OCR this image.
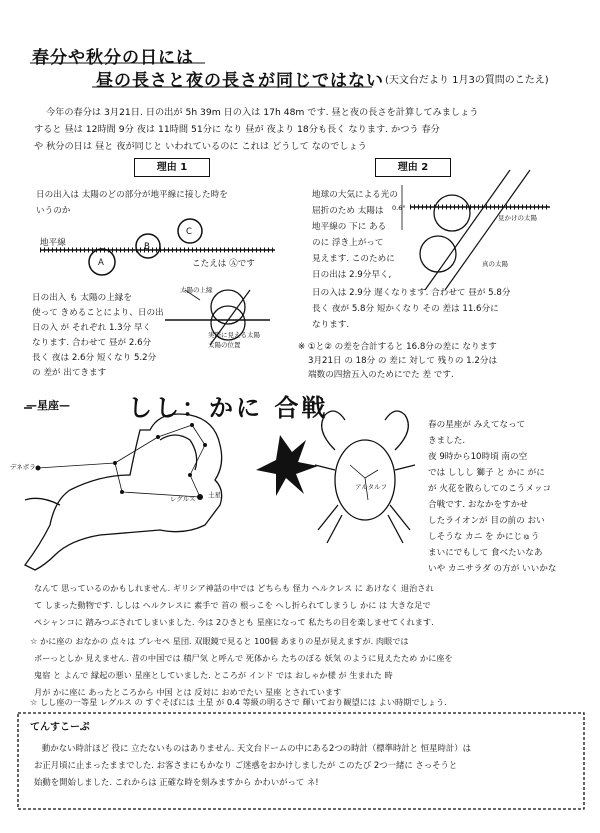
春分や秋分の日には
昼の長さと夜の長さが同じではない (天文台だより 1月3の質問のこたえ)
今年の春分は 3月21日. 日の出が 5h 39m 日の入は 17h 48m です. 昼と夜の長さを計算してみましょう
すると 昼は 12時間 9分 夜は 11時間 51分に なり 昼が 夜より 18分も長く なります. かつう 春分
や 秋分の日は 昼と 夜が同じと いわれているのに これは どうして なのでしょう
理由 1
日の出入は 太陽のどの部分が地平線に接した時を
いうのか
地平線
A
B
C
こたえは Ⓐです
日の出入 も 太陽の上縁を
使って きめることにより、日の出
日の入 が それぞれ 1.3分 早く
なります. 合わせて 昼が 2.6分
長く 夜は 2.6分 短くなり 5.2分
の 差が 出てきます
太陽の上縁
実際に見える太陽
太陽の位置
理由 2
地球の大気による光の
屈折のため 太陽は
地平線の 下に ある
のに 浮き上がって
見えます. このために
日の出は 2.9分早く,
日の入は 2.9分 遅くなります. 合わせて 昼が 5.8分
長く 夜が 5.8分 短かくなり その 差は 11.6分に
なります.
見かけの太陽
真の太陽
0.6°
※ ①と② の差を合計すると 16.8分の差に なります
3月21日 の 18分 の 差に 対して 残りの 1.2分は
端数の四捨五入のためにでた 差 です.
—星座— しし：かに 合戦
デネボラ
レグルス 土星
アルタルフ
春の星座が みえてなって
きました.
夜 9時から10時頃 南の空
では ししし 獅子 と かに がに
が 火花を散らしてのこうメッコ
合戦です. おなかをすかせ
したライオンが 目の前の おい
しそうな カニ を かにじゅう
まいにでもして 食べたいなあ
いや カニサラダ の方が いいかな
なんて 思っているのかもしれません. ギリシア神話の中では どちらも 怪力 ヘルクレス に あけなく 退治され
て しまった動物です. ししは ヘルクレスに 素手で 首の 根っこを へし折られてしまうし かに は 大きな足で
ペシャンコに 踏みつぶされてしまいました. 今は 2ひきとも 星座になって 私たちの目を楽しませてくれます.
☆ かに座の おなかの 点々は プレセペ 星団. 双眼鏡で見ると 100個 あまりの星が見えますが. 肉眼では
ボーっとしか 見えません. 昔の中国では 積尸気 と呼んで 死体から たちのぼる 妖気 のように見えたため かに座を
鬼宿 と よんで 縁起の悪い 星座としていました. ところが インド では おしゃか様 が 生まれた 時
月が かに座に あったところから 中国 とは 反対に おめでたい 星座 とされています
☆ しし座の一等星 レグルス の すぐそばには 土星 が 0.4 等級の明るさで 輝いており観望には よい時期でしょう.
てんすこーぷ
動かない時計ほど 役に 立たないものはありません. 天文台ドームの中にある2つの時計（標準時計と 恒星時計）は
お正月頃に止まったままでした. お客さまにもかなり ご迷惑をおかけしましたが このたび 2つ一緒に さっそうと
始動を開始しました. これからは 正確な時を刻みますから かわいがって ネ!
